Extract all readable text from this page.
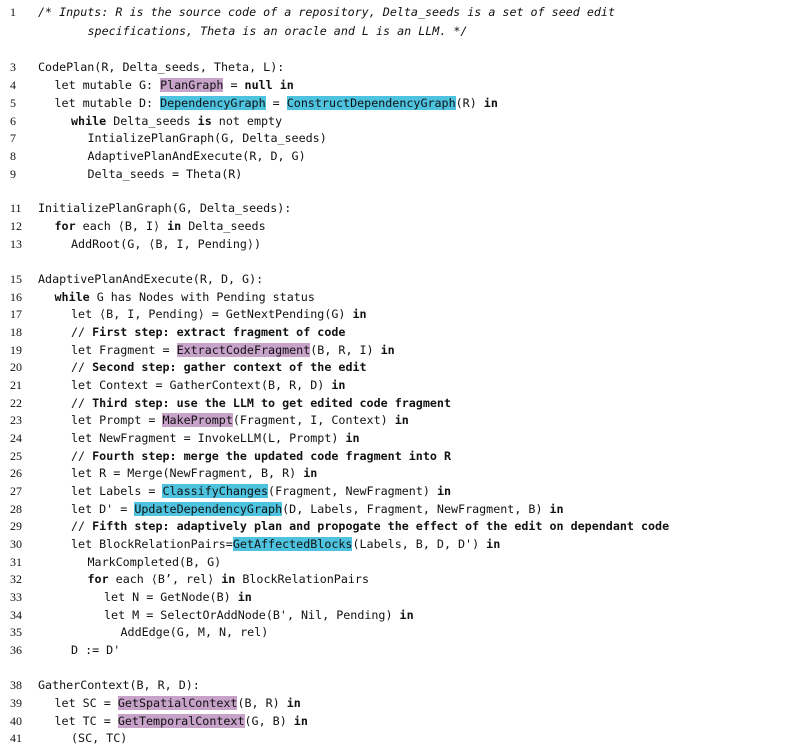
1	/* Inputs: R is the source code of a repository, Delta_seeds is a set of seed edit
specifications, Theta is an oracle and L is an LLM. */
3	CodePlan(R, Delta_seeds, Theta, L):
4	let mutable G: PlanGraph = null in
5	let mutable D: DependencyGraph = ConstructDependencyGraph(R) in
6	while Delta_seeds is not empty
7	IntializePlanGraph(G, Delta_seeds)
8	AdaptivePlanAndExecute(R, D, G)
9	Delta_seeds = Theta(R)
11 InitializePlanGraph(G, Delta_seeds):
12	for each ⟨B, I⟩ in Delta_seeds
13	AddRoot(G, ⟨B, I, Pending⟩)
15 AdaptivePlanAndExecute(R, D, G):
16	while G has Nodes with Pending status
17	let ⟨B, I, Pending⟩ = GetNextPending(G) in
18	// First step: extract fragment of code
19	let Fragment = ExtractCodeFragment(B, R, I) in
20	// Second step: gather context of the edit
21	let Context = GatherContext(B, R, D) in
22	// Third step: use the LLM to get edited code fragment
23	let Prompt = MakePrompt(Fragment, I, Context) in
24	let NewFragment = InvokeLLM(L, Prompt) in
25	// Fourth step: merge the updated code fragment into R
26	let R = Merge(NewFragment, B, R) in
27	let Labels = ClassifyChanges(Fragment, NewFragment) in
28	let D' = UpdateDependencyGraph(D, Labels, Fragment, NewFragment, B) in
29	// Fifth step: adaptively plan and propogate the effect of the edit on dependant code
30	let BlockRelationPairs=GetAffectedBlocks(Labels, B, D, D') in
31	MarkCompleted(B, G)
32	for each ⟨B’, rel⟩ in BlockRelationPairs
33	let N = GetNode(B) in
34	let M = SelectOrAddNode(B', Nil, Pending) in
35	AddEdge(G, M, N, rel)
36	D := D'
38 GatherContext(B, R, D):
39	let SC = GetSpatialContext(B, R) in
40	let TC = GetTemporalContext(G, B) in
41	(SC, TC)
